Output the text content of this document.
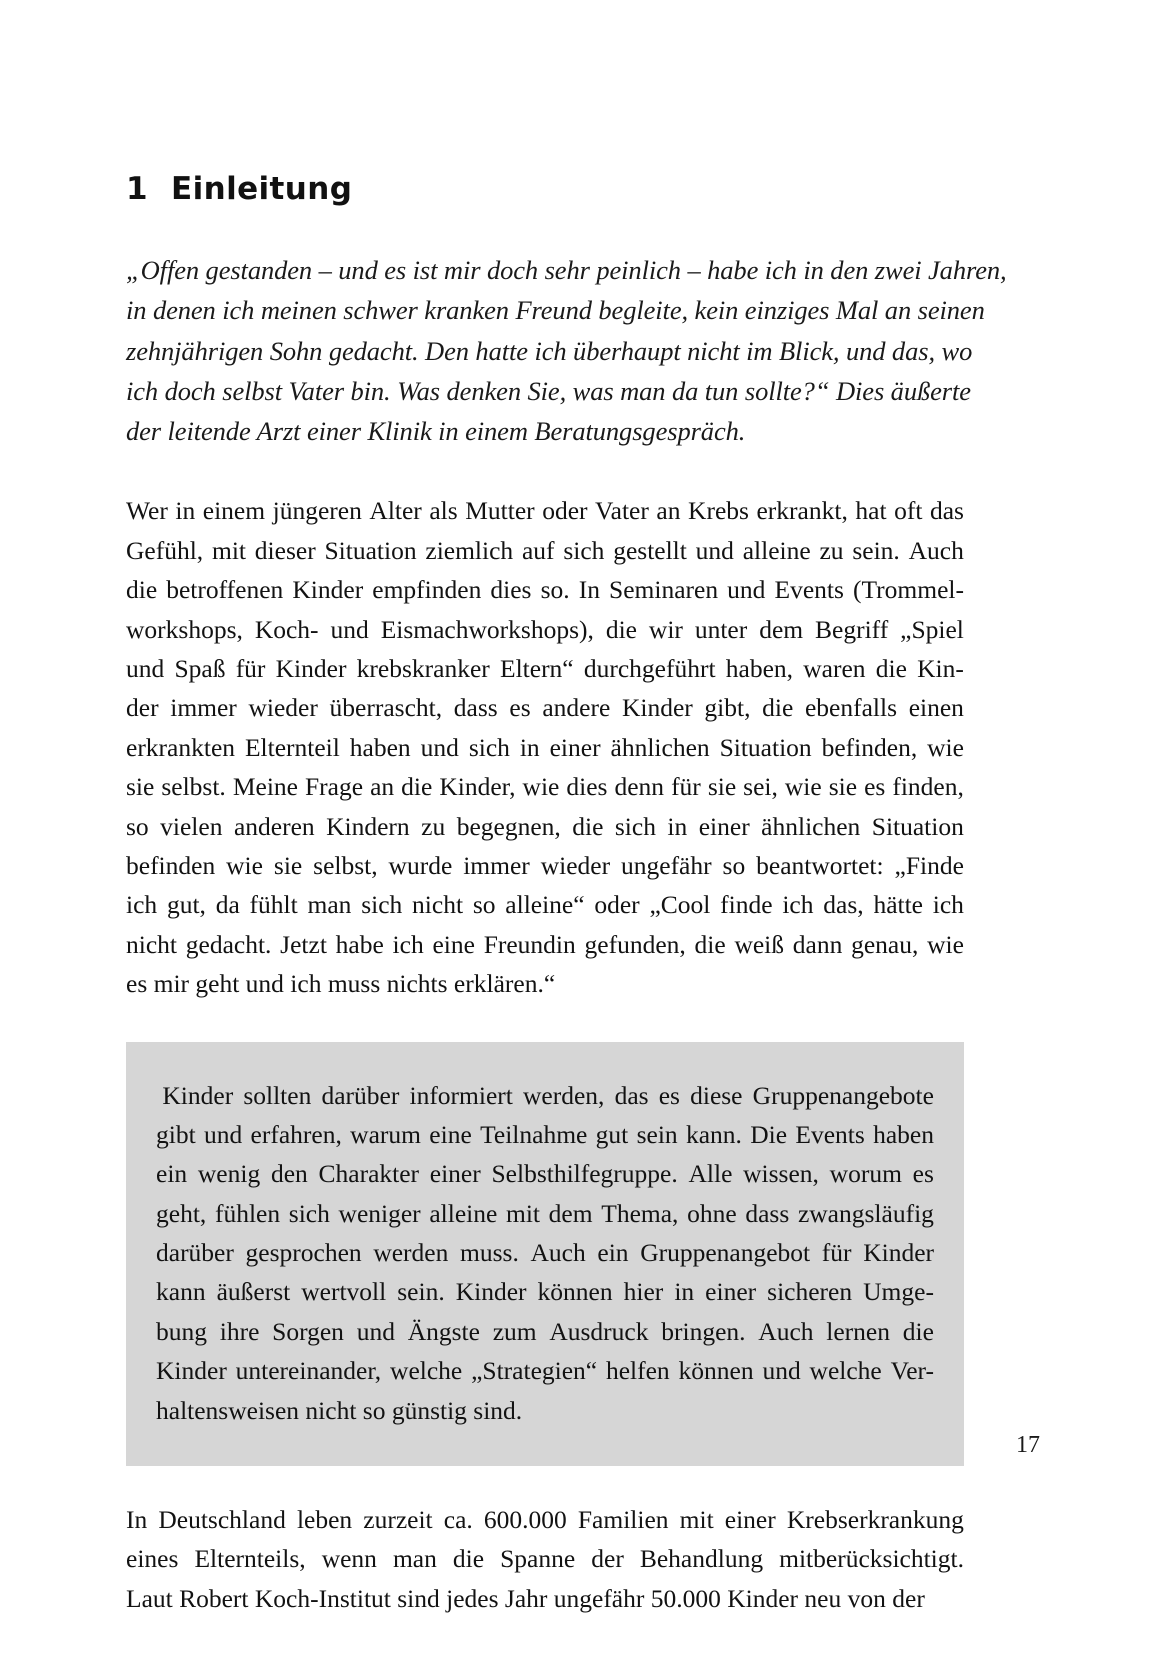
1 Einleitung
„Offen gestanden – und es ist mir doch sehr peinlich – habe ich in den zwei Jahren,
in denen ich meinen schwer kranken Freund begleite, kein einziges Mal an seinen
zehnjährigen Sohn gedacht. Den hatte ich überhaupt nicht im Blick, und das, wo
ich doch selbst Vater bin. Was denken Sie, was man da tun sollte?“ Dies äußerte
der leitende Arzt einer Klinik in einem Beratungsgespräch.
Wer in einem jüngeren Alter als Mutter oder Vater an Krebs erkrankt, hat oft das
Gefühl, mit dieser Situation ziemlich auf sich gestellt und alleine zu sein. Auch
die betroffenen Kinder empfinden dies so. In Seminaren und Events (Trommel-
workshops, Koch- und Eismachworkshops), die wir unter dem Begriff „Spiel
und Spaß für Kinder krebskranker Eltern“ durchgeführt haben, waren die Kin-
der immer wieder überrascht, dass es andere Kinder gibt, die ebenfalls einen
erkrankten Elternteil haben und sich in einer ähnlichen Situation befinden, wie
sie selbst. Meine Frage an die Kinder, wie dies denn für sie sei, wie sie es finden,
so vielen anderen Kindern zu begegnen, die sich in einer ähnlichen Situation
befinden wie sie selbst, wurde immer wieder ungefähr so beantwortet: „Finde
ich gut, da fühlt man sich nicht so alleine“ oder „Cool finde ich das, hätte ich
nicht gedacht. Jetzt habe ich eine Freundin gefunden, die weiß dann genau, wie
es mir geht und ich muss nichts erklären.“
Kinder sollten darüber informiert werden, das es diese Gruppenangebote
gibt und erfahren, warum eine Teilnahme gut sein kann. Die Events haben
ein wenig den Charakter einer Selbsthilfegruppe. Alle wissen, worum es
geht, fühlen sich weniger alleine mit dem Thema, ohne dass zwangsläufig
darüber gesprochen werden muss. Auch ein Gruppenangebot für Kinder
kann äußerst wertvoll sein. Kinder können hier in einer sicheren Umge-
bung ihre Sorgen und Ängste zum Ausdruck bringen. Auch lernen die
Kinder untereinander, welche „Strategien“ helfen können und welche Ver-
haltensweisen nicht so günstig sind.
In Deutschland leben zurzeit ca. 600.000 Familien mit einer Krebserkrankung
eines Elternteils, wenn man die Spanne der Behandlung mitberücksichtigt.
Laut Robert Koch-Institut sind jedes Jahr ungefähr 50.000 Kinder neu von der
17
